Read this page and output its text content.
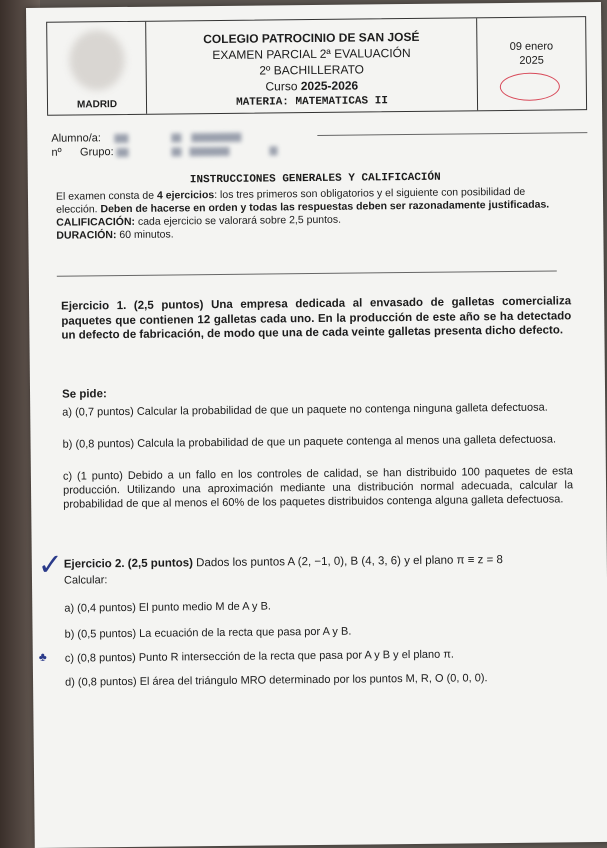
MADRID
COLEGIO PATROCINIO DE SAN JOSÉ
EXAMEN PARCIAL 2ª EVALUACIÓN
2º BACHILLERATO
Curso 2025-2026
MATERIA: MATEMATICAS II
09 enero
2025
Alumno/a:
nº Grupo:
INSTRUCCIONES GENERALES Y CALIFICACIÓN
El examen consta de 4 ejercicios: los tres primeros son obligatorios y el siguiente con posibilidad de elección. Deben de hacerse en orden y todas las respuestas deben ser razonadamente justificadas.
CALIFICACIÓN: cada ejercicio se valorará sobre 2,5 puntos.
DURACIÓN: 60 minutos.
Ejercicio 1. (2,5 puntos) Una empresa dedicada al envasado de galletas comercializa paquetes que contienen 12 galletas cada uno. En la producción de este año se ha detectado un defecto de fabricación, de modo que una de cada veinte galletas presenta dicho defecto.
Se pide:
a) (0,7 puntos) Calcular la probabilidad de que un paquete no contenga ninguna galleta defectuosa.
b) (0,8 puntos) Calcula la probabilidad de que un paquete contenga al menos una galleta defectuosa.
c) (1 punto) Debido a un fallo en los controles de calidad, se han distribuido 100 paquetes de esta producción. Utilizando una aproximación mediante una distribución normal adecuada, calcular la probabilidad de que al menos el 60% de los paquetes distribuidos contenga alguna galleta defectuosa.
✓ Ejercicio 2. (2,5 puntos) Dados los puntos A (2, −1, 0), B (4, 3, 6) y el plano π ≡ z = 8
Calcular:
a) (0,4 puntos) El punto medio M de A y B.
b) (0,5 puntos) La ecuación de la recta que pasa por A y B.
♣ c) (0,8 puntos) Punto R intersección de la recta que pasa por A y B y el plano π.
d) (0,8 puntos) El área del triángulo MRO determinado por los puntos M, R, O (0, 0, 0).
